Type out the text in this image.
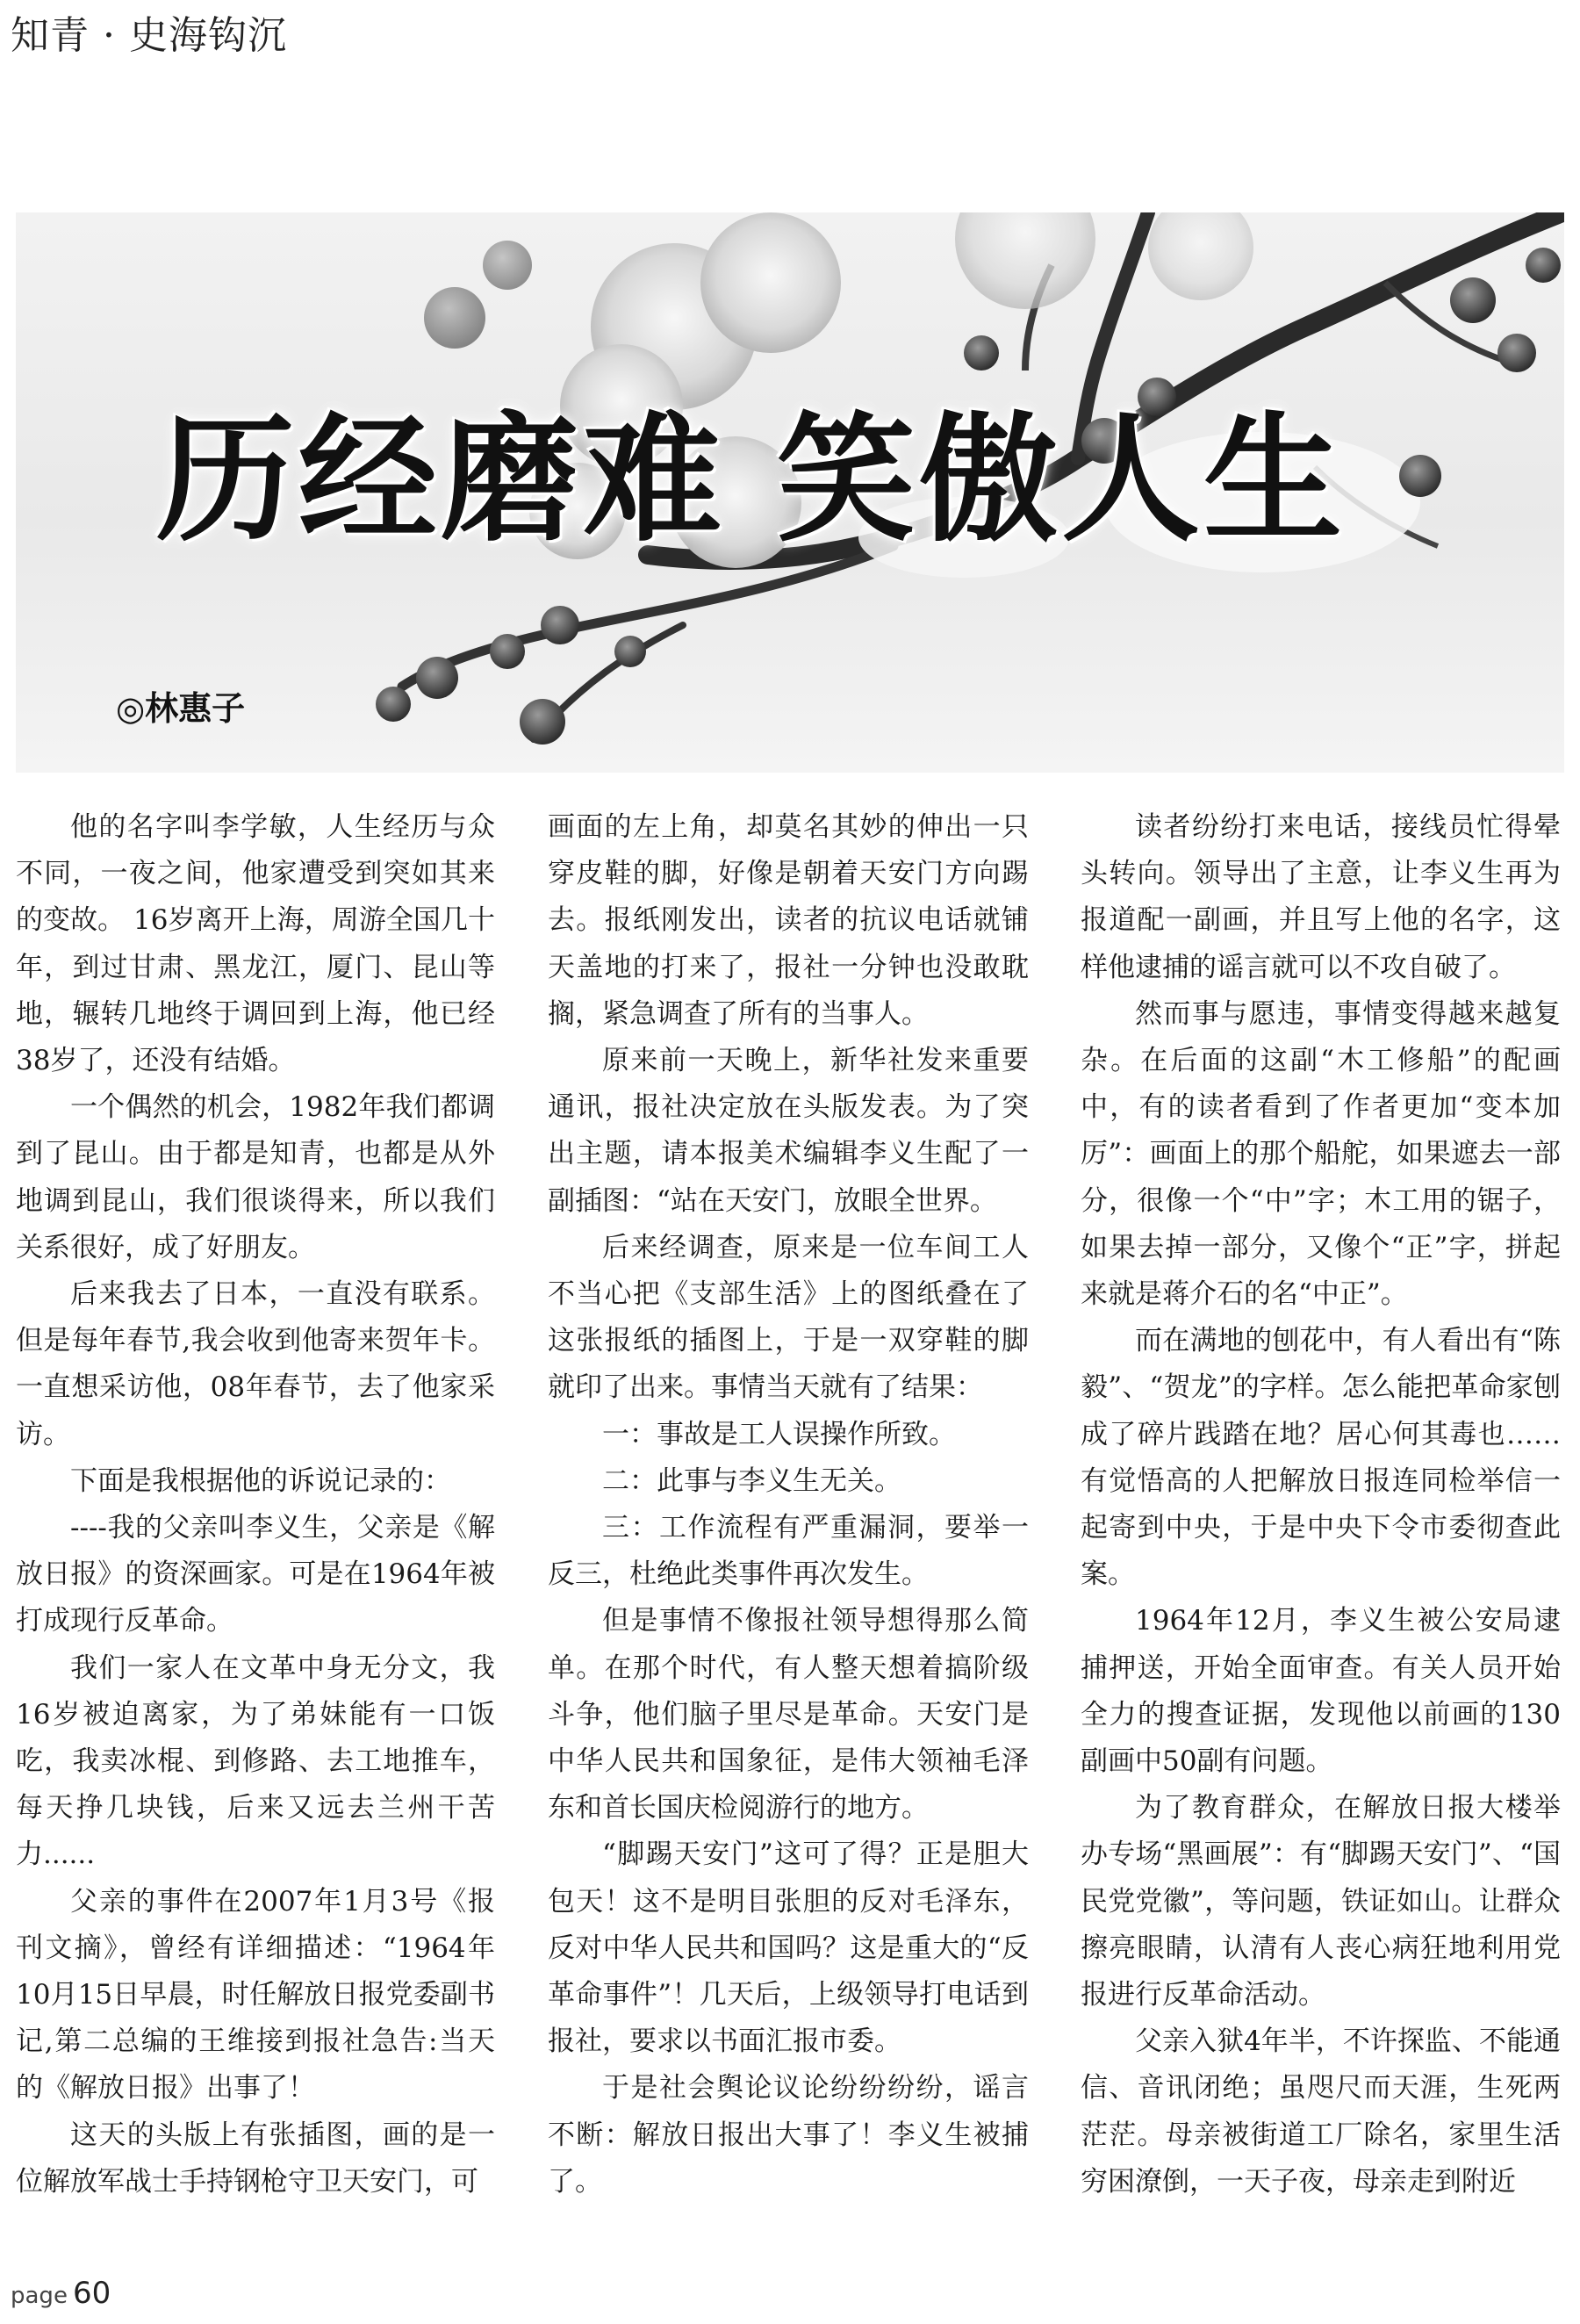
知青 · 史海钩沉
历经磨难 笑傲人生
◎林惠子

他的名字叫李学敏，人生经历与众不同，一夜之间，他家遭受到突如其来的变故。 16岁离开上海，周游全国几十年，到过甘肃、黑龙江，厦门、昆山等地，辗转几地终于调回到上海，他已经38岁了，还没有结婚。

一个偶然的机会，1982年我们都调到了昆山。由于都是知青，也都是从外地调到昆山，我们很谈得来，所以我们关系很好，成了好朋友。

后来我去了日本，一直没有联系。但是每年春节,我会收到他寄来贺年卡。一直想采访他，08年春节，去了他家采访。

下面是我根据他的诉说记录的：

----我的父亲叫李义生，父亲是《解放日报》的资深画家。可是在1964年被打成现行反革命。

我们一家人在文革中身无分文，我16岁被迫离家，为了弟妹能有一口饭吃，我卖冰棍、到修路、去工地推车，每天挣几块钱，后来又远去兰州干苦力......

父亲的事件在2007年1月3号《报刊文摘》，曾经有详细描述：“1964年10月15日早晨，时任解放日报党委副书记,第二总编的王维接到报社急告:当天的《解放日报》出事了！

这天的头版上有张插图，画的是一位解放军战士手持钢枪守卫天安门，可

画面的左上角，却莫名其妙的伸出一只穿皮鞋的脚，好像是朝着天安门方向踢去。报纸刚发出，读者的抗议电话就铺天盖地的打来了，报社一分钟也没敢耽搁，紧急调查了所有的当事人。

原来前一天晚上，新华社发来重要通讯，报社决定放在头版发表。为了突出主题，请本报美术编辑李义生配了一副插图：“站在天安门，放眼全世界。

后来经调查，原来是一位车间工人不当心把《支部生活》上的图纸叠在了这张报纸的插图上，于是一双穿鞋的脚就印了出来。事情当天就有了结果：

一：事故是工人误操作所致。

二：此事与李义生无关。

三：工作流程有严重漏洞，要举一反三，杜绝此类事件再次发生。

但是事情不像报社领导想得那么简单。在那个时代，有人整天想着搞阶级斗争，他们脑子里尽是革命。天安门是中华人民共和国象征，是伟大领袖毛泽东和首长国庆检阅游行的地方。

“脚踢天安门”这可了得？正是胆大包天！这不是明目张胆的反对毛泽东，反对中华人民共和国吗？这是重大的“反革命事件”！几天后，上级领导打电话到报社，要求以书面汇报市委。

于是社会舆论议论纷纷纷纷，谣言不断：解放日报出大事了！李义生被捕了。

读者纷纷打来电话，接线员忙得晕头转向。领导出了主意，让李义生再为报道配一副画，并且写上他的名字，这样他逮捕的谣言就可以不攻自破了。

然而事与愿违，事情变得越来越复杂。在后面的这副“木工修船”的配画中，有的读者看到了作者更加“变本加厉”：画面上的那个船舵，如果遮去一部分，很像一个“中”字；木工用的锯子，如果去掉一部分，又像个“正”字，拼起来就是蒋介石的名“中正”。

而在满地的刨花中，有人看出有“陈毅”、“贺龙”的字样。怎么能把革命家刨成了碎片践踏在地？居心何其毒也……有觉悟高的人把解放日报连同检举信一起寄到中央，于是中央下令市委彻查此案。

1964年12月，李义生被公安局逮捕押送，开始全面审查。有关人员开始全力的搜查证据，发现他以前画的130副画中50副有问题。

为了教育群众，在解放日报大楼举办专场“黑画展”：有“脚踢天安门”、“国民党党徽”，等问题，铁证如山。让群众擦亮眼睛，认清有人丧心病狂地利用党报进行反革命活动。

父亲入狱4年半，不许探监、不能通信、音讯闭绝；虽咫尺而天涯，生死两茫茫。母亲被街道工厂除名，家里生活穷困潦倒，一天子夜，母亲走到附近

page 60
